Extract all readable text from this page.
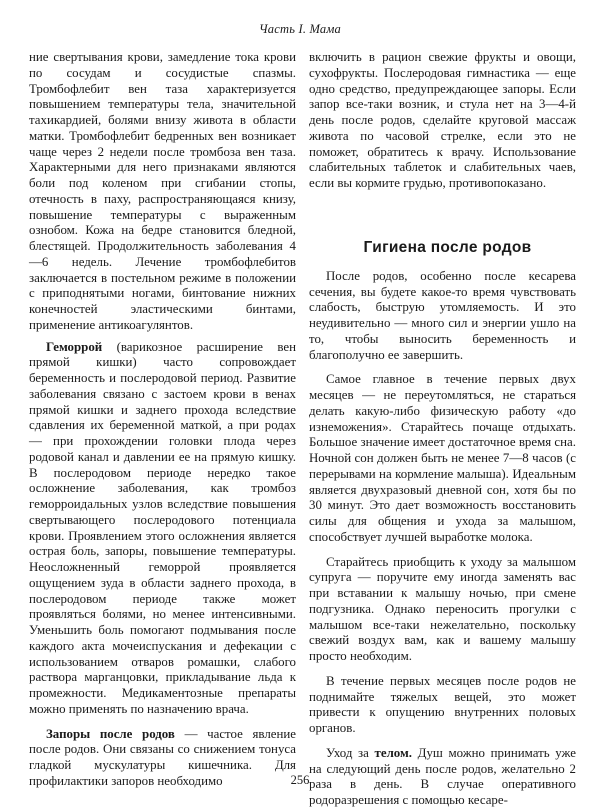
Часть I. Мама

ние свертывания крови, замедление тока крови по сосудам и сосудистые спазмы. Тромбофлебит вен таза характеризуется повышением температуры тела, значительной тахикардией, болями внизу живота в области матки. Тромбофлебит бедренных вен возникает чаще через 2 недели после тромбоза вен таза. Характерными для него признаками являются боли под коленом при сгибании стопы, отечность в паху, распространяющаяся книзу, повышение температуры с выраженным ознобом. Кожа на бедре становится бледной, блестящей. Продолжительность заболевания 4—6 недель. Лечение тромбофлебитов заключается в постельном режиме в положении с приподнятыми ногами, бинтование нижних конечностей эластическими бинтами, применение антикоагулянтов.

Геморрой (варикозное расширение вен прямой кишки) часто сопровождает беременность и послеродовой период. Развитие заболевания связано с застоем крови в венах прямой кишки и заднего прохода вследствие сдавления их беременной маткой, а при родах — при прохождении головки плода через родовой канал и давлении ее на прямую кишку. В послеродовом периоде нередко такое осложнение заболевания, как тромбоз геморроидальных узлов вследствие повышения свертывающего послеродового потенциала крови. Проявлением этого осложнения является острая боль, запоры, повышение температуры. Неосложненный геморрой проявляется ощущением зуда в области заднего прохода, в послеродовом периоде также может проявляться болями, но менее интенсивными. Уменьшить боль помогают подмывания после каждого акта мочеиспускания и дефекации с использованием отваров ромашки, слабого раствора марганцовки, прикладывание льда к промежности. Медикаментозные препараты можно применять по назначению врача.

Запоры после родов — частое явление после родов. Они связаны со снижением тонуса гладкой мускулатуры кишечника. Для профилактики запоров необходимо

включить в рацион свежие фрукты и овощи, сухофрукты. Послеродовая гимнастика — еще одно средство, предупреждающее запоры. Если запор все-таки возник, и стула нет на 3—4-й день после родов, сделайте круговой массаж живота по часовой стрелке, если это не поможет, обратитесь к врачу. Использование слабительных таблеток и слабительных чаев, если вы кормите грудью, противопоказано.

Гигиена после родов

После родов, особенно после кесарева сечения, вы будете какое-то время чувствовать слабость, быструю утомляемость. И это неудивительно — много сил и энергии ушло на то, чтобы выносить беременность и благополучно ее завершить.

Самое главное в течение первых двух месяцев — не переутомляться, не стараться делать какую-либо физическую работу «до изнеможения». Старайтесь почаще отдыхать. Большое значение имеет достаточное время сна. Ночной сон должен быть не менее 7—8 часов (с перерывами на кормление малыша). Идеальным является двухразовый дневной сон, хотя бы по 30 минут. Это дает возможность восстановить силы для общения и ухода за малышом, способствует лучшей выработке молока.

Старайтесь приобщить к уходу за малышом супруга — поручите ему иногда заменять вас при вставании к малышу ночью, при смене подгузника. Однако переносить прогулки с малышом все-таки нежелательно, поскольку свежий воздух вам, как и вашему малышу просто необходим.

В течение первых месяцев после родов не поднимайте тяжелых вещей, это может привести к опущению внутренних половых органов.

Уход за телом. Душ можно принимать уже на следующий день после родов, желательно 2 раза в день. В случае оперативного родоразрешения с помощью кесаре-

256
